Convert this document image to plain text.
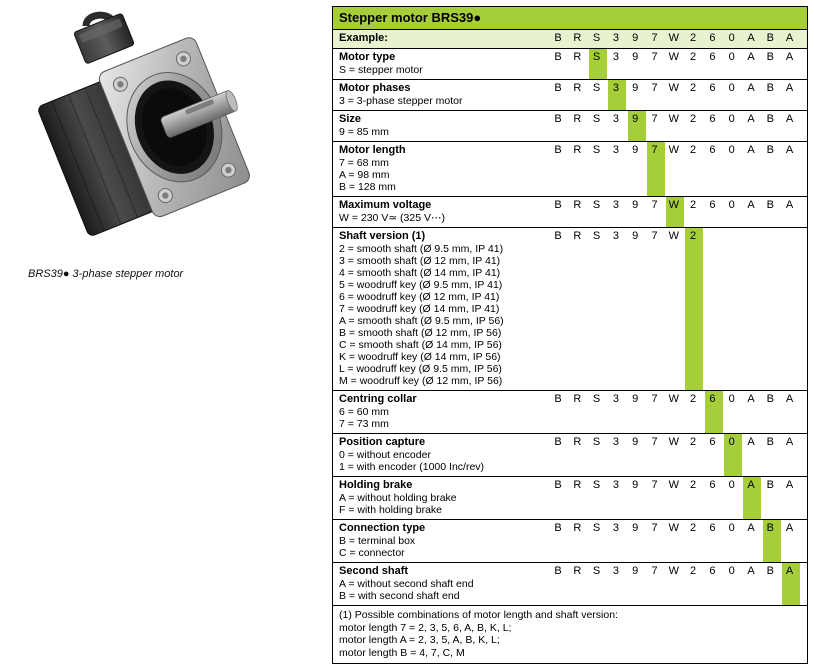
BRS39● 3-phase stepper motor
Stepper motor BRS39●
Example:	B	R	S	3	9	7	W	2	6	0	A	B	A
Motor type
S = stepper motor
B	R	S	3	9	7	W	2	6	0	A	B	A
Motor phases
3 = 3-phase stepper motor
B	R	S	3	9	7	W	2	6	0	A	B	A
Size
9 = 85 mm
B	R	S	3	9	7	W	2	6	0	A	B	A
Motor length
7 = 68 mm
A = 98 mm
B = 128 mm
B	R	S	3	9	7	W	2	6	0	A	B	A
Maximum voltage
W = 230 V≃ (325 V⋯)
B	R	S	3	9	7	W	2	6	0	A	B	A
Shaft version (1)
2 = smooth shaft (Ø 9.5 mm, IP 41)
3 = smooth shaft (Ø 12 mm, IP 41)
4 = smooth shaft (Ø 14 mm, IP 41)
5 = woodruff key (Ø 9.5 mm, IP 41)
6 = woodruff key (Ø 12 mm, IP 41)
7 = woodruff key (Ø 14 mm, IP 41)
A = smooth shaft (Ø 9.5 mm, IP 56)
B = smooth shaft (Ø 12 mm, IP 56)
C = smooth shaft (Ø 14 mm, IP 56)
K = woodruff key (Ø 14 mm, IP 56)
L = woodruff key (Ø 9.5 mm, IP 56)
M = woodruff key (Ø 12 mm, IP 56)
B	R	S	3	9	7	W	2
Centring collar
6 = 60 mm
7 = 73 mm
B	R	S	3	9	7	W	2	6	0	A	B	A
Position capture
0 = without encoder
1 = with encoder (1000 Inc/rev)
B	R	S	3	9	7	W	2	6	0	A	B	A
Holding brake
A = without holding brake
F = with holding brake
B	R	S	3	9	7	W	2	6	0	A	B	A
Connection type
B = terminal box
C = connector
B	R	S	3	9	7	W	2	6	0	A	B	A
Second shaft
A = without second shaft end
B = with second shaft end
B	R	S	3	9	7	W	2	6	0	A	B	A
(1) Possible combinations of motor length and shaft version:
motor length 7 = 2, 3, 5, 6, A, B, K, L;
motor length A = 2, 3, 5, A, B, K, L;
motor length B = 4, 7, C, M
